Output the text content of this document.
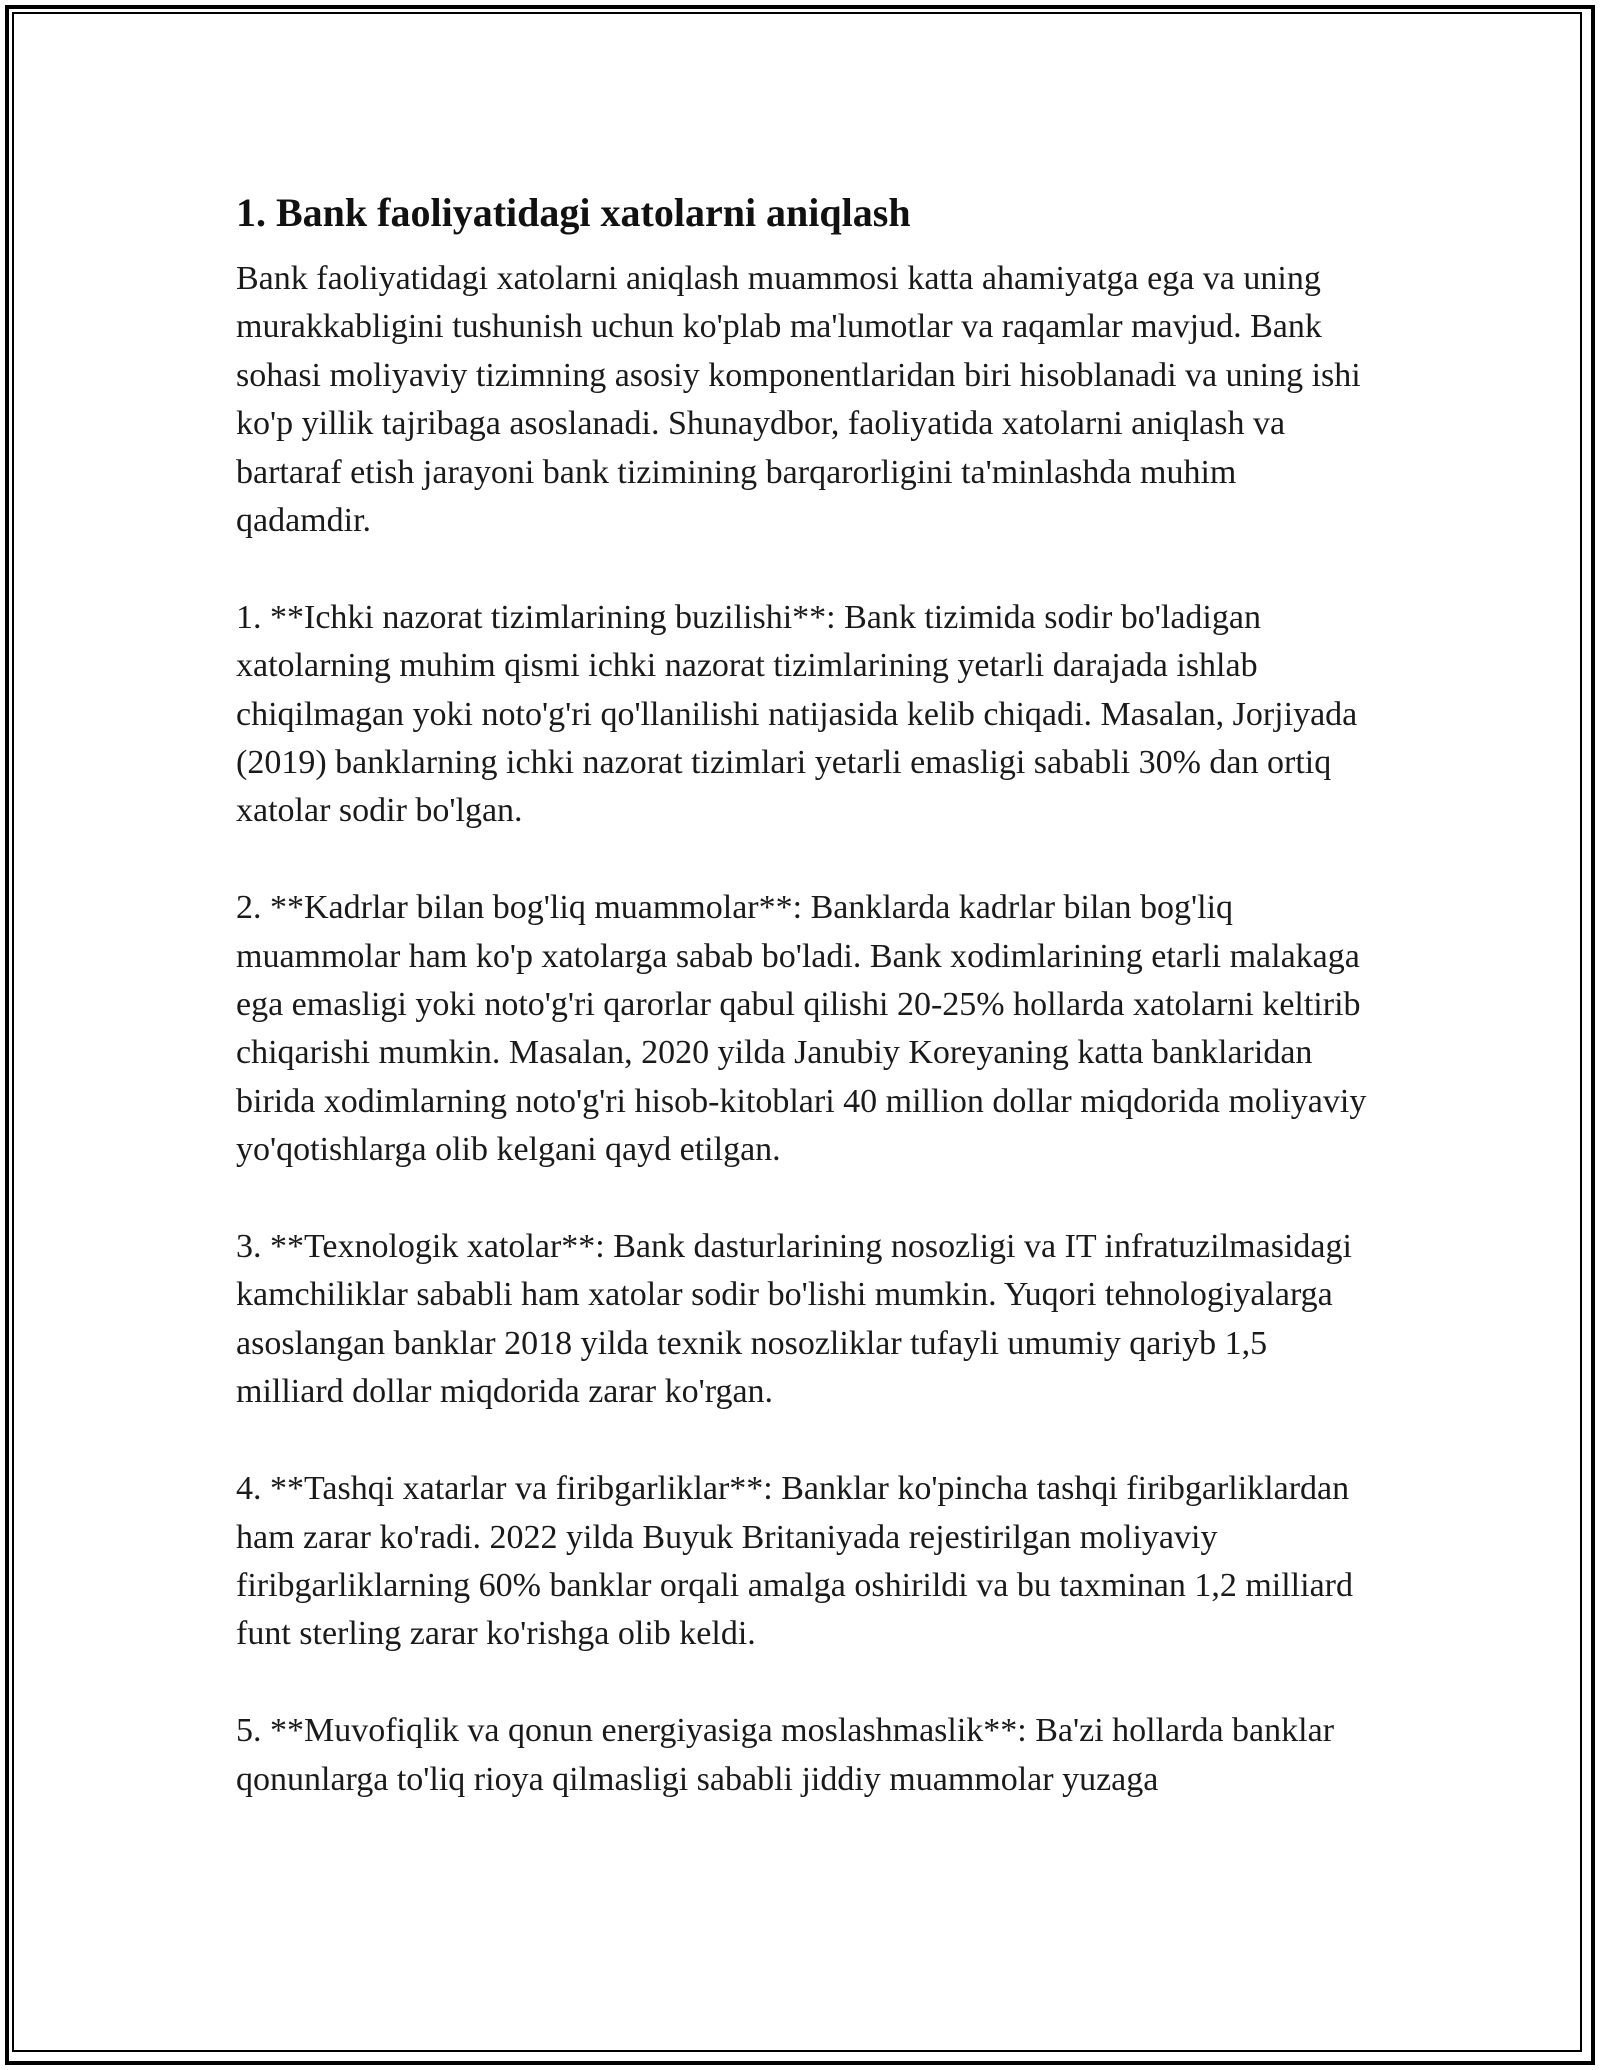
1. Bank faoliyatidagi xatolarni aniqlash

Bank faoliyatidagi xatolarni aniqlash muammosi katta ahamiyatga ega va uning murakkabligini tushunish uchun ko'plab ma'lumotlar va raqamlar mavjud. Bank sohasi moliyaviy tizimning asosiy komponentlaridan biri hisoblanadi va uning ishi ko'p yillik tajribaga asoslanadi. Shunaydbor, faoliyatida xatolarni aniqlash va bartaraf etish jarayoni bank tizimining barqarorligini ta'minlashda muhim qadamdir.

1. **Ichki nazorat tizimlarining buzilishi**: Bank tizimida sodir bo'ladigan xatolarning muhim qismi ichki nazorat tizimlarining yetarli darajada ishlab chiqilmagan yoki noto'g'ri qo'llanilishi natijasida kelib chiqadi. Masalan, Jorjiyada (2019) banklarning ichki nazorat tizimlari yetarli emasligi sababli 30% dan ortiq xatolar sodir bo'lgan.

2. **Kadrlar bilan bog'liq muammolar**: Banklarda kadrlar bilan bog'liq muammolar ham ko'p xatolarga sabab bo'ladi. Bank xodimlarining etarli malakaga ega emasligi yoki noto'g'ri qarorlar qabul qilishi 20-25% hollarda xatolarni keltirib chiqarishi mumkin. Masalan, 2020 yilda Janubiy Koreyaning katta banklaridan birida xodimlarning noto'g'ri hisob-kitoblari 40 million dollar miqdorida moliyaviy yo'qotishlarga olib kelgani qayd etilgan.

3. **Texnologik xatolar**: Bank dasturlarining nosozligi va IT infratuzilmasidagi kamchiliklar sababli ham xatolar sodir bo'lishi mumkin. Yuqori tehnologiyalarga asoslangan banklar 2018 yilda texnik nosozliklar tufayli umumiy qariyb 1,5 milliard dollar miqdorida zarar ko'rgan.

4. **Tashqi xatarlar va firibgarliklar**: Banklar ko'pincha tashqi firibgarliklardan ham zarar ko'radi. 2022 yilda Buyuk Britaniyada rejestirilgan moliyaviy firibgarliklarning 60% banklar orqali amalga oshirildi va bu taxminan 1,2 milliard funt sterling zarar ko'rishga olib keldi.

5. **Muvofiqlik va qonun energiyasiga moslashmaslik**: Ba'zi hollarda banklar qonunlarga to'liq rioya qilmasligi sababli jiddiy muammolar yuzaga
